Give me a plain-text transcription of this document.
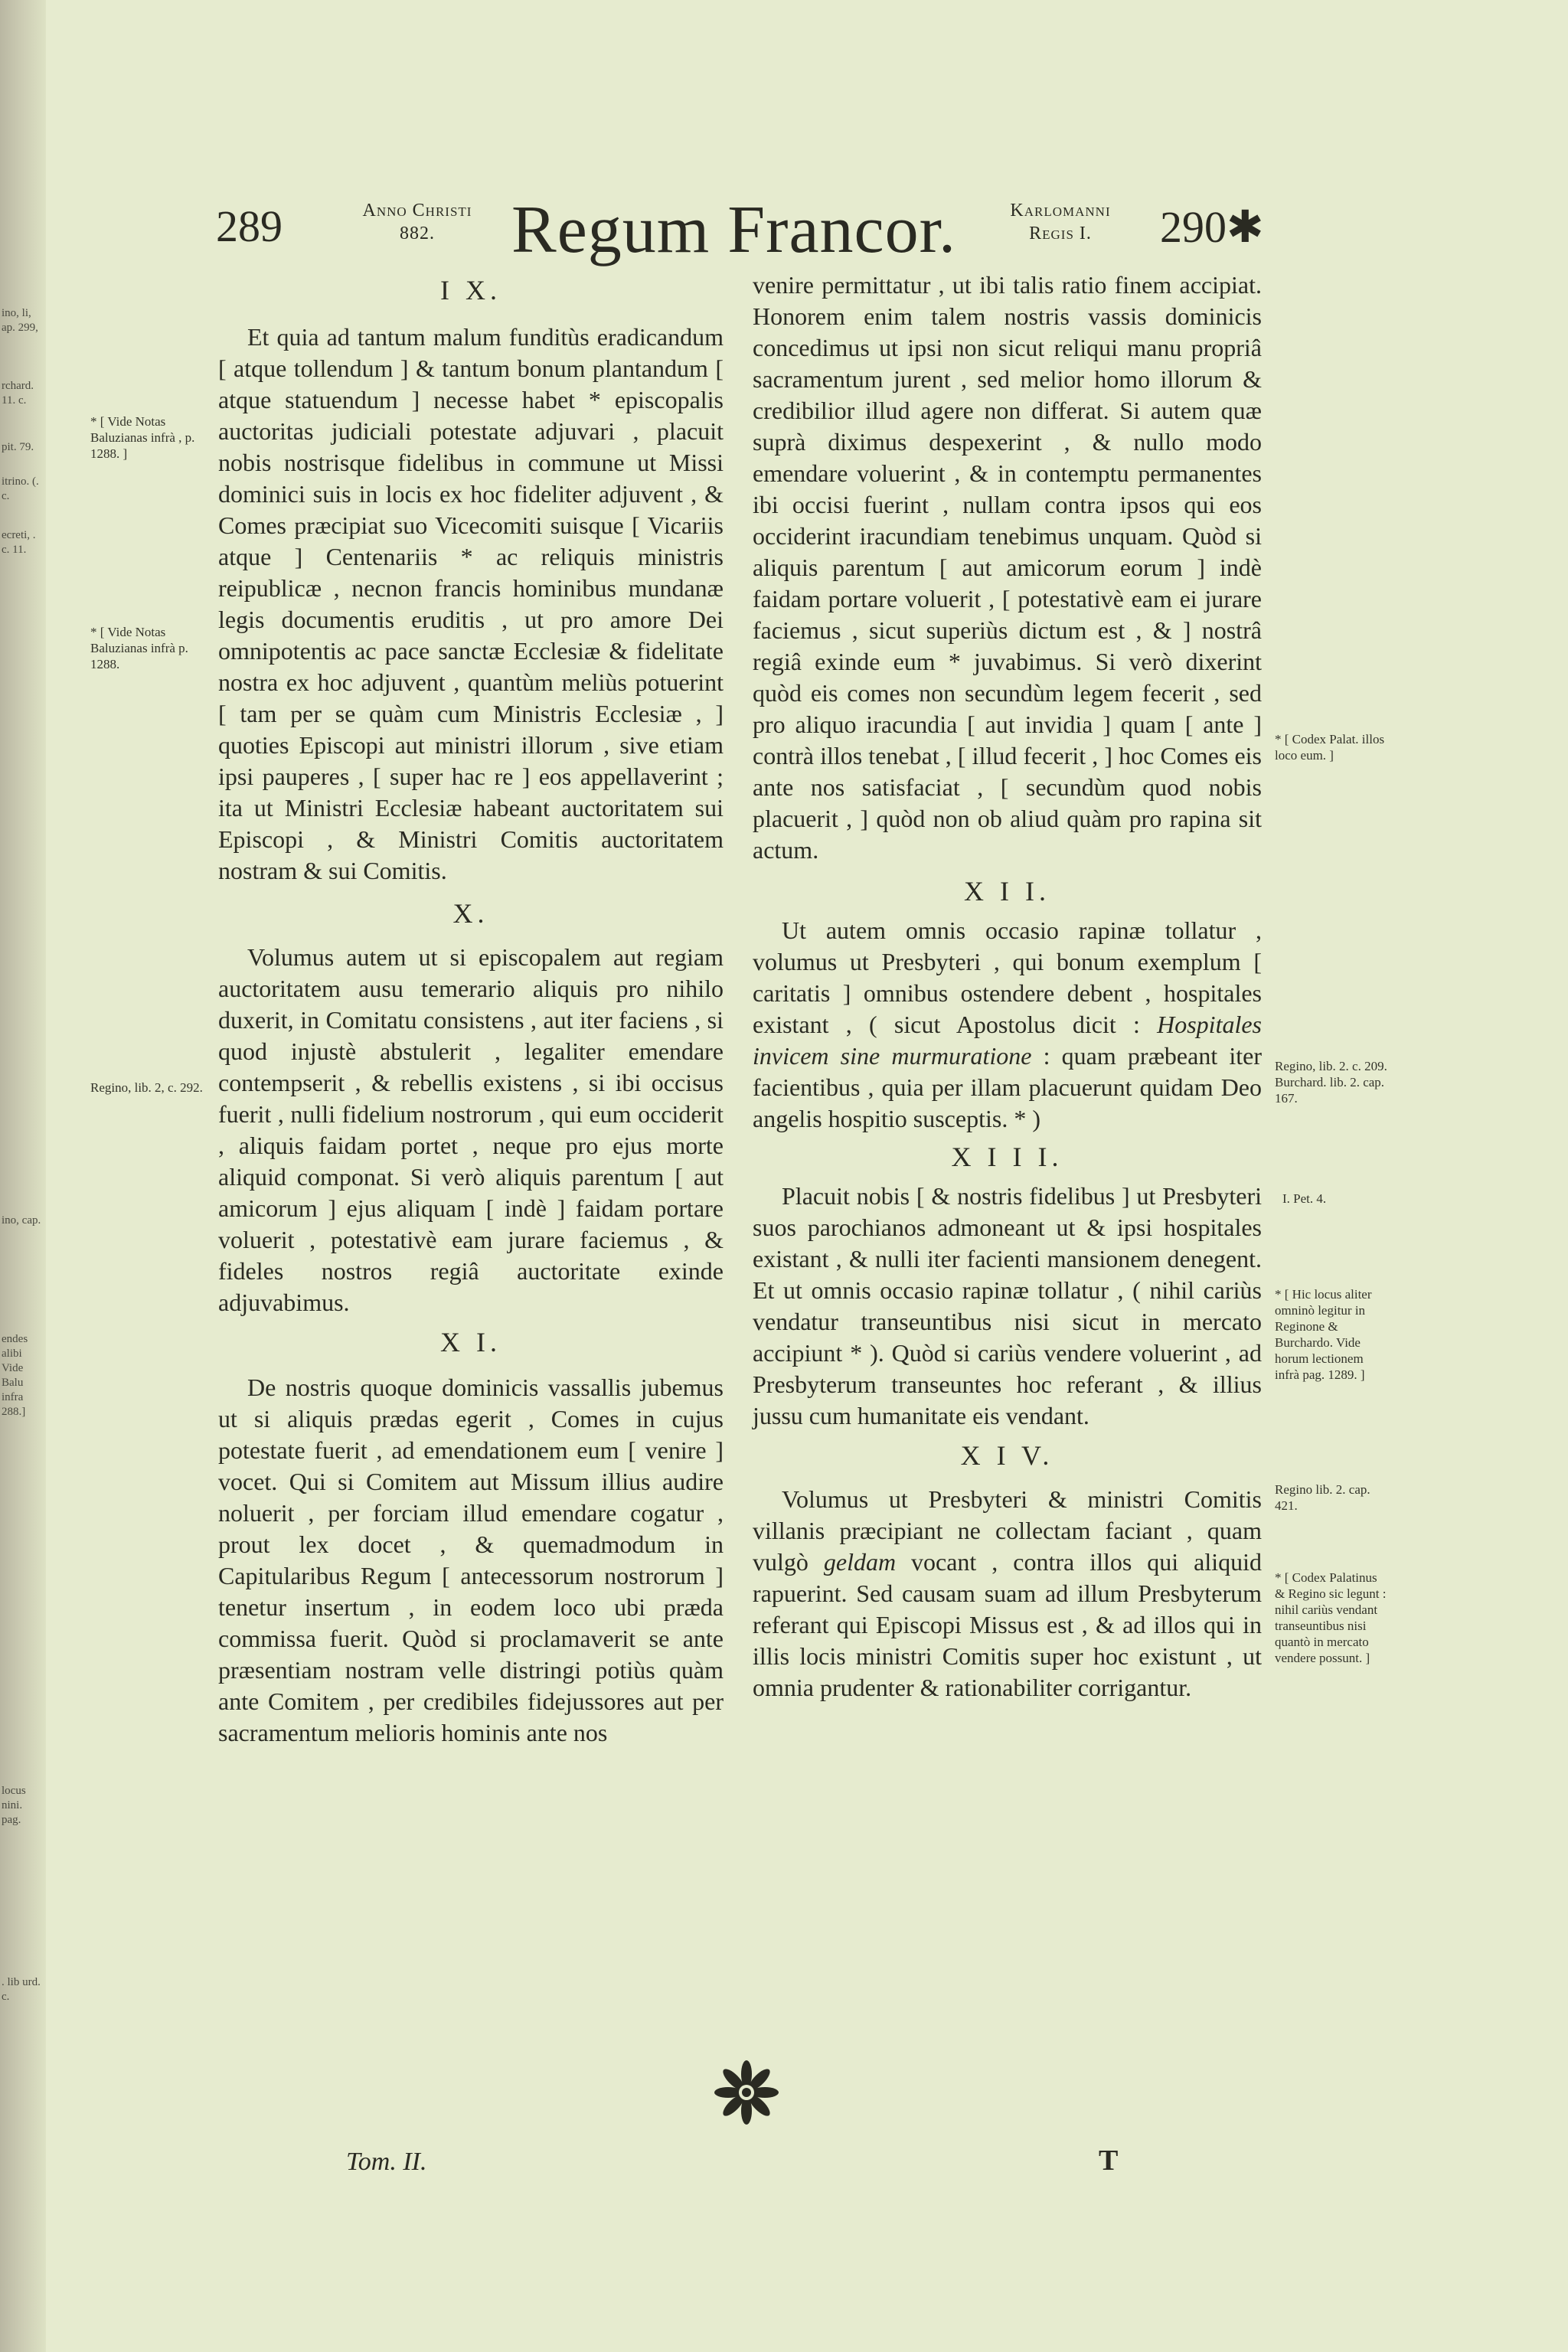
ino, li, ap. 299,
rchard. 11. c.
pit. 79.
itrino. (. c.
ecreti, . c. 11.
ino, cap.
endes alibi Vide Balu infra 288.]
locus nini. pag.
. lib urd. c.
289	Anno Christi
882.	Regum Francor.	Karlomanni
Regis I.	290✱
I X.

Et quia ad tantum malum funditùs eradicandum [ atque tollendum ] & tantum bonum plantandum [ atque statuendum ] necesse habet * episcopalis auctoritas judiciali potestate adjuvari , placuit nobis nostrisque fidelibus in commune ut Missi dominici suis in locis ex hoc fideliter adjuvent , & Comes præcipiat suo Vicecomiti suisque [ Vicariis atque ] Centenariis * ac reliquis ministris reipublicæ , necnon francis hominibus mundanæ legis documentis eruditis , ut pro amore Dei omnipotentis ac pace sanctæ Ecclesiæ & fidelitate nostra ex hoc adjuvent , quantùm meliùs potuerint [ tam per se quàm cum Ministris Ecclesiæ , ] quoties Episcopi aut ministri illorum , sive etiam ipsi pauperes , [ super hac re ] eos appellaverint ; ita ut Ministri Ecclesiæ habeant auctoritatem sui Episcopi , & Ministri Comitis auctoritatem nostram & sui Comitis.

X.

Volumus autem ut si episcopalem aut regiam auctoritatem ausu temerario aliquis pro nihilo duxerit, in Comitatu consistens , aut iter faciens , si quod injustè abstulerit , legaliter emendare contempserit , & rebellis existens , si ibi occisus fuerit , nulli fidelium nostrorum , qui eum occiderit , aliquis faidam portet , neque pro ejus morte aliquid componat. Si verò aliquis parentum [ aut amicorum ] ejus aliquam [ indè ] faidam portare voluerit , potestativè eam jurare faciemus , & fideles nostros regiâ auctoritate exinde adjuvabimus.

X I.

De nostris quoque dominicis vassallis jubemus ut si aliquis prædas egerit , Comes in cujus potestate fuerit , ad emendationem eum [ venire ] vocet. Qui si Comitem aut Missum illius audire noluerit , per forciam illud emendare cogatur , prout lex docet , & quemadmodum in Capitularibus Regum [ antecessorum nostrorum ] tenetur insertum , in eodem loco ubi præda commissa fuerit. Quòd si proclamaverit se ante præsentiam nostram velle distringi potiùs quàm ante Comitem , per credibiles fidejussores aut per sacramentum melioris hominis ante nos

venire permittatur , ut ibi talis ratio finem accipiat. Honorem enim talem nostris vassis dominicis concedimus ut ipsi non sicut reliqui manu propriâ sacramentum jurent , sed melior homo illorum & credibilior illud agere non differat. Si autem quæ suprà diximus despexerint , & nullo modo emendare voluerint , & in contemptu permanentes ibi occisi fuerint , nullam contra ipsos qui eos occiderint iracundiam tenebimus unquam. Quòd si aliquis parentum [ aut amicorum eorum ] indè faidam portare voluerit , [ potestativè eam ei jurare faciemus , sicut superiùs dictum est , & ] nostrâ regiâ exinde eum * juvabimus. Si verò dixerint quòd eis comes non secundùm legem fecerit , sed pro aliquo iracundia [ aut invidia ] quam [ ante ] contrà illos tenebat , [ illud fecerit , ] hoc Comes eis ante nos satisfaciat , [ secundùm quod nobis placuerit , ] quòd non ob aliud quàm pro rapina sit actum.

X I I.

Ut autem omnis occasio rapinæ tollatur , volumus ut Presbyteri , qui bonum exemplum [ caritatis ] omnibus ostendere debent , hospitales existant , ( sicut Apostolus dicit : Hospitales invicem sine murmuratione : quam præbeant iter facientibus , quia per illam placuerunt quidam Deo angelis hospitio susceptis. * )

X I I I.

Placuit nobis [ & nostris fidelibus ] ut Presbyteri suos parochianos admoneant ut & ipsi hospitales existant , & nulli iter facienti mansionem denegent. Et ut omnis occasio rapinæ tollatur , ( nihil cariùs vendatur transeuntibus nisi sicut in mercato accipiunt * ). Quòd si cariùs vendere voluerint , ad Presbyterum transeuntes hoc referant , & illius jussu cum humanitate eis vendant.

X I V.

Volumus ut Presbyteri & ministri Comitis villanis præcipiant ne collectam faciant , quam vulgò geldam vocant , contra illos qui aliquid rapuerint. Sed causam suam ad illum Presbyterum referant qui Episcopi Missus est , & ad illos qui in illis locis ministri Comitis super hoc existunt , ut omnia prudenter & rationabiliter corrigantur.

* [ Vide Notas Baluzianas infrà , p. 1288. ]
* [ Vide Notas Baluzianas infrà p. 1288.
Regino, lib. 2, c. 292.
* [ Codex Palat. illos loco eum. ]
Regino, lib. 2. c. 209. Burchard. lib. 2. cap. 167.
I. Pet. 4.
* [ Hic locus aliter omninò legitur in Reginone & Burchardo. Vide horum lectionem infrà pag. 1289. ]
Regino lib. 2. cap. 421.
* [ Codex Palatinus & Regino sic legunt : nihil cariùs vendant transeuntibus nisi quantò in mercato vendere possunt. ]
Tom. II.	T
